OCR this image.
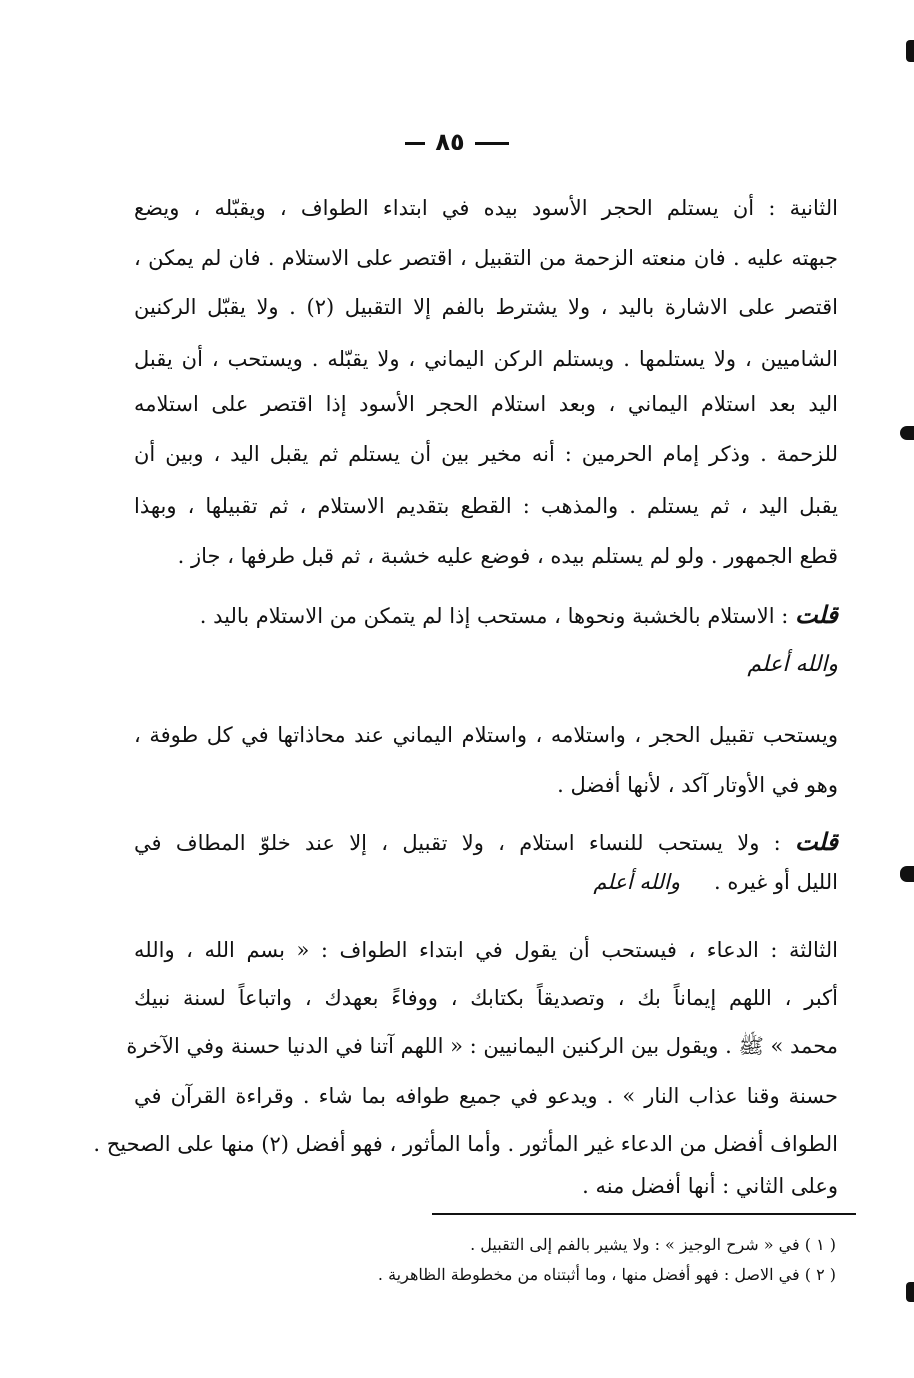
٨٥
الثانية : أن يستلم الحجر الأسود بيده في ابتداء الطواف ، ويقبّله ، ويضع
جبهته عليه . فان منعته الزحمة من التقبيل ، اقتصر على الاستلام . فان لم يمكن ،
اقتصر على الاشارة باليد ، ولا يشترط بالفم إلا التقبيل (٢) . ولا يقبّل الركنين
الشاميين ، ولا يستلمها . ويستلم الركن اليماني ، ولا يقبّله . ويستحب ، أن يقبل
اليد بعد استلام اليماني ، وبعد استلام الحجر الأسود إذا اقتصر على استلامه
للزحمة . وذكر إمام الحرمين : أنه مخير بين أن يستلم ثم يقبل اليد ، وبين أن
يقبل اليد ، ثم يستلم . والمذهب : القطع بتقديم الاستلام ، ثم تقبيلها ، وبهذا
قطع الجمهور . ولو لم يستلم بيده ، فوضع عليه خشبة ، ثم قبل طرفها ، جاز .
قلت : الاستلام بالخشبة ونحوها ، مستحب إذا لم يتمكن من الاستلام باليد .
والله أعلم
ويستحب تقبيل الحجر ، واستلامه ، واستلام اليماني عند محاذاتها في كل طوفة ،
وهو في الأوتار آكد ، لأنها أفضل .
قلت : ولا يستحب للنساء استلام ، ولا تقبيل ، إلا عند خلوّ المطاف في
الليل أو غيره .والله أعلم
الثالثة : الدعاء ، فيستحب أن يقول في ابتداء الطواف : « بسم الله ، والله
أكبر ، اللهم إيماناً بك ، وتصديقاً بكتابك ، ووفاءً بعهدك ، واتباعاً لسنة نبيك
محمد » ﷺ . ويقول بين الركنين اليمانيين : « اللهم آتنا في الدنيا حسنة وفي الآخرة
حسنة وقنا عذاب النار » . ويدعو في جميع طوافه بما شاء . وقراءة القرآن في
الطواف أفضل من الدعاء غير المأثور . وأما المأثور ، فهو أفضل (٢) منها على الصحيح .
وعلى الثاني : أنها أفضل منه .
( ١ ) في « شرح الوجيز » : ولا يشير بالفم إلى التقبيل .
( ٢ ) في الاصل : فهو أفضل منها ، وما أثبتناه من مخطوطة الظاهرية .
